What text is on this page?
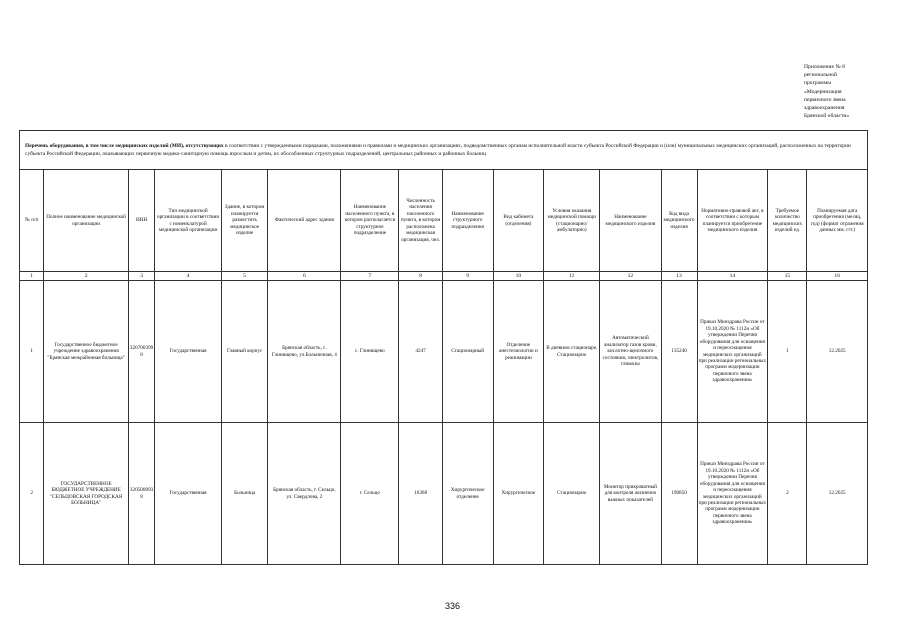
Приложение № 8
региональной
программы
«Модернизация
первичного звена
здравоохранения
Брянской области»
Перечень оборудования, в том числе медицинских изделий (МИ), отсутствующих в соответствии с утвержденными порядками, положениями и правилами и медицинских организациях, подведомственных органам исполнительной власти субъекта Российской Федерации и (или) муниципальных медицинских организаций, расположенных на территории субъекта Российской Федерации, оказывающих первичную медико-санитарную помощь взрослым и детям, их обособленных структурных подразделений, центральных районных и районных больниц															
№ п/п	Полное наименование медицинской организации	ИНН	Тип медицинской организации в соответствии с номенклатурой медицинской организации	Здание, в котором планируется разместить медицинское изделие	Фактический адрес здания	Наименование населенного пункта, в котором располагается структурное подразделение	Численность населения населенного пункта, в котором расположена медицинская организация, чел.	Наименование структурного подразделения	Вид кабинета (отделения)	Условия оказания медицинской помощи (стационарно/амбулаторно)	Наименование медицинского изделия	Код вида медицинского изделия	Нормативно-правовой акт, в соответствии с которым планируется приобретение медицинского изделия	Требуемое количество медицинских изделий ед.	Планируемая дата приобретения (месяц, год) (формат отражения данных мм. ггг.)
1	2	3	4	5	6	7	8	9	10	11	12	13	14	15	16
1	Государственное бюджетное учреждение здравоохранения "Брянская межрайонная больница"	3207003998	Государственная	Главный корпус	Брянская область, с. Глинищево, ул.Больничная, 4	с. Глинищево	4247	Стационарный	Отделение анестезиологии и реанимации	В дневном стационаре, Стационарно	Автоматический анализатор газов крови, кислотно-щелочного состояния, электролитов, глюкозы	135240	Приказ Минздрава России от 19.10.2020 № 1112н «Об утверждении Перечня оборудования для оснащения и переоснащения медицинских организаций при реализации региональных программ модернизации первичного звена здравоохранения»	1	12.2025
2	ГОСУДАРСТВЕННОЕ БЮДЖЕТНОЕ УЧРЕЖДЕНИЕ "СЕЛЬЦОВСКАЯ ГОРОДСКАЯ БОЛЬНИЦА"	3205000938	Государственная	Больница	Брянская область, г. Сельцо, ул. Свердлова, 2	г. Сельцо	16368	Хирургическое отделение	Хирургическое	Стационарно	Монитор прикроватный для контроля жизненно важных показателей	190850	Приказ Минздрава России от 19.10.2020 № 1112н «Об утверждении Перечня оборудования для оснащения и переоснащения медицинских организаций при реализации региональных программ модернизации первичного звена здравоохранения»	2	12.2025
336
